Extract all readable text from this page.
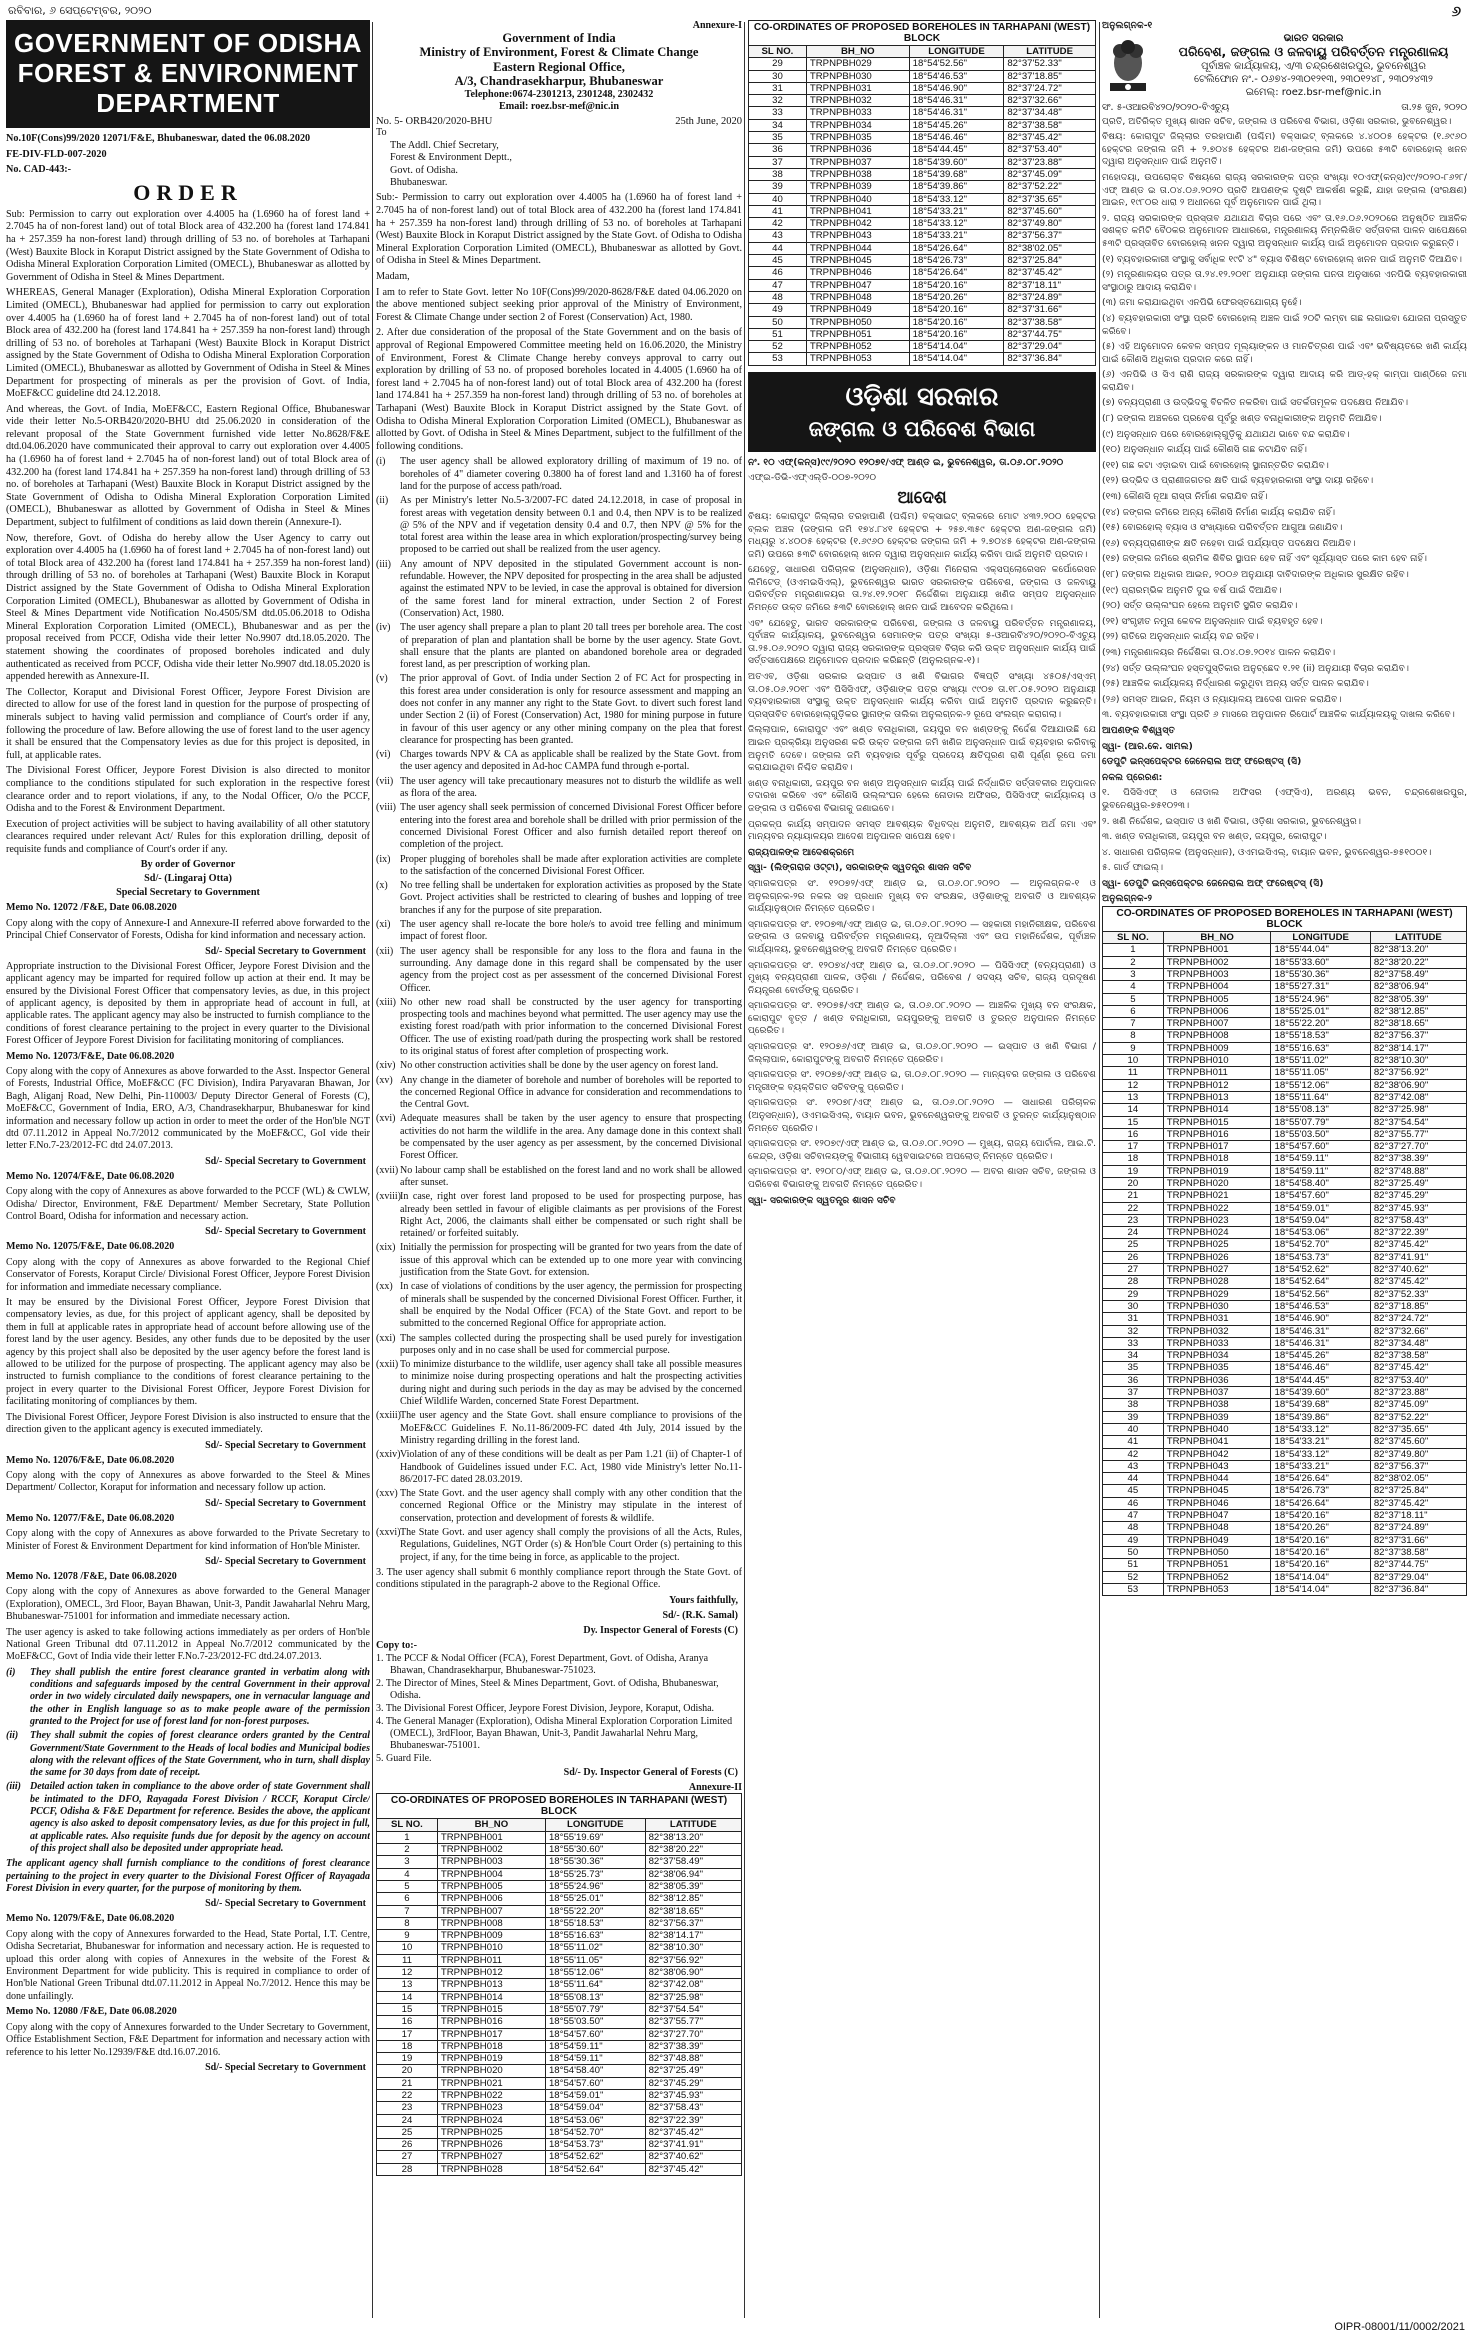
ରବିବାର, ୬ ସେପ୍ଟେମ୍ବର, ୨୦୨୦	୬
GOVERNMENT OF ODISHA FOREST & ENVIRONMENT DEPARTMENT
No.10F(Cons)99/2020 12071/F&E, Bhubaneswar, dated the 06.08.2020
FE-DIV-FLD-007-2020
No. CAD-443:-
ORDER
Sub: Permission to carry out exploration over 4.4005 ha (1.6960 ha of forest land + 2.7045 ha of non-forest land) out of total Block area of 432.200 ha (forest land 174.841 ha + 257.359 ha non-forest land) through drilling of 53 no. of boreholes at Tarhapani (West) Bauxite Block in Koraput District assigned by the State Government of Odisha to Odisha Mineral Exploration Corporation Limited (OMECL), Bhubaneswar as allotted by Government of Odisha in Steel & Mines Department.
WHEREAS, General Manager (Exploration), Odisha Mineral Exploration Corporation Limited (OMECL), Bhubaneswar had applied for permission to carry out exploration over 4.4005 ha (1.6960 ha of forest land + 2.7045 ha of non-forest land) out of total Block area of 432.200 ha (forest land 174.841 ha + 257.359 ha non-forest land) through drilling of 53 no. of boreholes at Tarhapani (West) Bauxite Block in Koraput District assigned by the State Government of Odisha to Odisha Mineral Exploration Corporation Limited (OMECL), Bhubaneswar as allotted by Government of Odisha in Steel & Mines Department for prospecting of minerals as per the provision of Govt. of India, MoEF&CC guideline dtd 24.12.2018.
And whereas, the Govt. of India, MoEF&CC, Eastern Regional Office, Bhubaneswar vide their letter No.5-ORB420/2020-BHU dtd 25.06.2020 in consideration of the relevant proposal of the State Government furnished vide letter No.8628/F&E dtd.04.06.2020 have communicated their approval to carry out exploration over 4.4005 ha (1.6960 ha of forest land + 2.7045 ha of non-forest land) out of total Block area of 432.200 ha (forest land 174.841 ha + 257.359 ha non-forest land) through drilling of 53 no. of boreholes at Tarhapani (West) Bauxite Block in Koraput District assigned by the State Government of Odisha to Odisha Mineral Exploration Corporation Limited (OMECL), Bhubaneswar as allotted by Government of Odisha in Steel & Mines Department, subject to fulfilment of conditions as laid down therein (Annexure-I).
Now, therefore, Govt. of Odisha do hereby allow the User Agency to carry out exploration over 4.4005 ha (1.6960 ha of forest land + 2.7045 ha of non-forest land) out of total Block area of 432.200 ha (forest land 174.841 ha + 257.359 ha non-forest land) through drilling of 53 no. of boreholes at Tarhapani (West) Bauxite Block in Koraput District assigned by the State Government of Odisha to Odisha Mineral Exploration Corporation Limited (OMECL), Bhubaneswar as allotted by Government of Odisha in Steel & Mines Department vide Notification No.4505/SM dtd.05.06.2018 to Odisha Mineral Exploration Corporation Limited (OMECL), Bhubaneswar and as per the proposal received from PCCF, Odisha vide their letter No.9907 dtd.18.05.2020. The statement showing the coordinates of proposed boreholes indicated and duly authenticated as received from PCCF, Odisha vide their letter No.9907 dtd.18.05.2020 is appended herewith as Annexure-II.
The Collector, Koraput and Divisional Forest Officer, Jeypore Forest Division are directed to allow for use of the forest land in question for the purpose of prospecting of minerals subject to having valid permission and compliance of Court's order if any, following the procedure of law. Before allowing the use of forest land to the user agency it shall be ensured that the Compensatory levies as due for this project is deposited, in full, at applicable rates.
The Divisional Forest Officer, Jeypore Forest Division is also directed to monitor compliance to the conditions stipulated for such exploration in the respective forest clearance order and to report violations, if any, to the Nodal Officer, O/o the PCCF, Odisha and to the Forest & Environment Department.
Execution of project activities will be subject to having availability of all other statutory clearances required under relevant Act/ Rules for this exploration drilling, deposit of requisite funds and compliance of Court's order if any.
By order of Governor
Sd/- (Lingaraj Otta)
Special Secretary to Government
Memo No. 12072 /F&E, Date 06.08.2020
Copy along with the copy of Annexure-I and Annexure-II referred above forwarded to the Principal Chief Conservator of Forests, Odisha for kind information and necessary action.
Sd/- Special Secretary to Government
Appropriate instruction to the Divisional Forest Officer, Jeypore Forest Division and the applicant agency may be imparted for required follow up action at their end. It may be ensured by the Divisional Forest Officer that compensatory levies, as due, in this project of applicant agency, is deposited by them in appropriate head of account in full, at applicable rates. The applicant agency may also be instructed to furnish compliance to the conditions of forest clearance pertaining to the project in every quarter to the Divisional Forest Officer of Jeypore Forest Division for facilitating monitoring of compliances.
Memo No. 12073/F&E, Date 06.08.2020
Copy along with the copy of Annexures as above forwarded to the Asst. Inspector General of Forests, Industrial Office, MoEF&CC (FC Division), Indira Paryavaran Bhawan, Jor Bagh, Aliganj Road, New Delhi, Pin-110003/ Deputy Director General of Forests (C), MoEF&CC, Government of India, ERO, A/3, Chandrasekharpur, Bhubaneswar for kind information and necessary follow up action in order to meet the order of the Hon'ble NGT dtd 07.11.2012 in Appeal No.7/2012 communicated by the MoEF&CC, GoI vide their letter F.No.7-23/2012-FC dtd 24.07.2013.
Sd/- Special Secretary to Government
Memo No. 12074/F&E, Date 06.08.2020
Copy along with the copy of Annexures as above forwarded to the PCCF (WL) & CWLW, Odisha/ Director, Environment, F&E Department/ Member Secretary, State Pollution Control Board, Odisha for information and necessary action.
Sd/- Special Secretary to Government
Memo No. 12075/F&E, Date 06.08.2020
Copy along with the copy of Annexures as above forwarded to the Regional Chief Conservator of Forests, Koraput Circle/ Divisional Forest Officer, Jeypore Forest Division for information and immediate necessary compliance.
It may be ensured by the Divisional Forest Officer, Jeypore Forest Division that compensatory levies, as due, for this project of applicant agency, shall be deposited by them in full at applicable rates in appropriate head of account before allowing use of the forest land by the user agency. Besides, any other funds due to be deposited by the user agency by this project shall also be deposited by the user agency before the forest land is allowed to be utilized for the purpose of prospecting. The applicant agency may also be instructed to furnish compliance to the conditions of forest clearance pertaining to the project in every quarter to the Divisional Forest Officer, Jeypore Forest Division for facilitating monitoring of compliances by them.
The Divisional Forest Officer, Jeypore Forest Division is also instructed to ensure that the direction given to the applicant agency is executed immediately.
Sd/- Special Secretary to Government
Memo No. 12076/F&E, Date 06.08.2020
Copy along with the copy of Annexures as above forwarded to the Steel & Mines Department/ Collector, Koraput for information and necessary follow up action.
Sd/- Special Secretary to Government
Memo No. 12077/F&E, Date 06.08.2020
Copy along with the copy of Annexures as above forwarded to the Private Secretary to Minister of Forest & Environment Department for kind information of Hon'ble Minister.
Sd/- Special Secretary to Government
Memo No. 12078 /F&E, Date 06.08.2020
Copy along with the copy of Annexures as above forwarded to the General Manager (Exploration), OMECL, 3rd Floor, Bayan Bhawan, Unit-3, Pandit Jawaharlal Nehru Marg, Bhubaneswar-751001 for information and immediate necessary action.
The user agency is asked to take following actions immediately as per orders of Hon'ble National Green Tribunal dtd 07.11.2012 in Appeal No.7/2012 communicated by the MoEF&CC, Govt of India vide their letter F.No.7-23/2012-FC dtd.24.07.2013.
(i)	They shall publish the entire forest clearance granted in verbatim along with conditions and safeguards imposed by the central Government in their approval order in two widely circulated daily newspapers, one in vernacular language and the other in English language so as to make people aware of the permission granted to the Project for use of forest land for non-forest purposes.
(ii)	They shall submit the copies of forest clearance orders granted by the Central Government/State Government to the Heads of local bodies and Municipal bodies along with the relevant offices of the State Government, who in turn, shall display the same for 30 days from date of receipt.
(iii) Detailed action taken in compliance to the above order of state Government shall be intimated to the DFO, Rayagada Forest Division / RCCF, Koraput Circle/ PCCF, Odisha & F&E Department for reference. Besides the above, the applicant agency is also asked to deposit compensatory levies, as due for this project in full, at applicable rates. Also requisite funds due for deposit by the agency on account of this project shall also be deposited under appropriate head.
The applicant agency shall furnish compliance to the conditions of forest clearance pertaining to the project in every quarter to the Divisional Forest Officer of Rayagada Forest Division in every quarter, for the purpose of monitoring by them.
Sd/- Special Secretary to Government
Memo No. 12079/F&E, Date 06.08.2020
Copy along with the copy of Annexures forwarded to the Head, State Portal, I.T. Centre, Odisha Secretariat, Bhubaneswar for information and necessary action. He is requested to upload this order along with copies of Annexures in the website of the Forest & Environment Department for wide publicity. This is required in compliance to order of Hon'ble National Green Tribunal dtd.07.11.2012 in Appeal No.7/2012. Hence this may be done unfailingly.
Memo No. 12080 /F&E, Date 06.08.2020
Copy along with the copy of Annexures forwarded to the Under Secretary to Government, Office Establishment Section, F&E Department for information and necessary action with reference to his letter No.12939/F&E dtd.16.07.2016.
Sd/- Special Secretary to Government
Annexure-I
Government of India
Ministry of Environment, Forest & Climate Change
Eastern Regional Office,
A/3, Chandrasekharpur, Bhubaneswar
Telephone:0674-2301213, 2301248, 2302432
Email: roez.bsr-mef@nic.in
No. 5- ORB420/2020-BHU	25th June, 2020
To
The Addl. Chief Secretary,
Forest & Environment Deptt.,
Govt. of Odisha.
Bhubaneswar.
Sub:- Permission to carry out exploration over 4.4005 ha (1.6960 ha of forest land + 2.7045 ha of non-forest land) out of total Block area of 432.200 ha (forest land 174.841 ha + 257.359 ha non-forest land) through drilling of 53 no. of boreholes at Tarhapani (West) Bauxite Block in Koraput District assigned by the State Govt. of Odisha to Odisha Mineral Exploration Corporation Limited (OMECL), Bhubaneswar as allotted by Govt. of Odisha in Steel & Mines Department.
Madam,
I am to refer to State Govt. letter No 10F(Cons)99/2020-8628/F&E dated 04.06.2020 on the above mentioned subject seeking prior approval of the Ministry of Environment, Forest & Climate Change under section 2 of Forest (Conservation) Act, 1980.
2. After due consideration of the proposal of the State Government and on the basis of approval of Regional Empowered Committee meeting held on 16.06.2020, the Ministry of Environment, Forest & Climate Change hereby conveys approval to carry out exploration by drilling of 53 no. of proposed boreholes located in 4.4005 (1.6960 ha of forest land + 2.7045 ha of non-forest land) out of total Block area of 432.200 ha (forest land 174.841 ha + 257.359 ha non-forest land) through drilling of 53 no. of boreholes at Tarhapani (West) Bauxite Block in Koraput District assigned by the State Govt. of Odisha to Odisha Mineral Exploration Corporation Limited (OMECL), Bhubaneswar as allotted by Govt. of Odisha in Steel & Mines Department, subject to the fulfillment of the following conditions.
(i)	The user agency shall be allowed exploratory drilling of maximum of 19 no. of boreholes of 4" diameter covering 0.3800 ha of forest land and 1.3160 ha of forest land for the purpose of access path/road.
(ii)	As per Ministry's letter No.5-3/2007-FC dated 24.12.2018, in case of proposal in forest areas with vegetation density between 0.1 and 0.4, then NPV is to be realized @ 5% of the NPV and if vegetation density 0.4 and 0.7, then NPV @ 5% for the total forest area within the lease area in which exploration/prospecting/survey being proposed to be carried out shall be realized from the user agency.
(iii) Any amount of NPV deposited in the stipulated Government account is non-refundable. However, the NPV deposited for prospecting in the area shall be adjusted against the estimated NPV to be levied, in case the approval is obtained for diversion of the same forest land for mineral extraction, under Section 2 of Forest (Conservation) Act, 1980.
(iv) The user agency shall prepare a plan to plant 20 tall trees per borehole area. The cost of preparation of plan and plantation shall be borne by the user agency. State Govt. shall ensure that the plants are planted on abandoned borehole area or degraded forest land, as per prescription of working plan.
(v)	The prior approval of Govt. of India under Section 2 of FC Act for prospecting in this forest area under consideration is only for resource assessment and mapping an does not confer in any manner any right to the State Govt. to divert such forest land under Section 2 (ii) of Forest (Conservation) Act, 1980 for mining purpose in future in favour of this user agency or any other mining company on the plea that forest clearance for prospecting has been granted.
(vi) Charges towards NPV & CA as applicable shall be realized by the State Govt. from the user agency and deposited in Ad-hoc CAMPA fund through e-portal.
(vii) The user agency will take precautionary measures not to disturb the wildlife as well as flora of the area.
(viii) The user agency shall seek permission of concerned Divisional Forest Officer before entering into the forest area and borehole shall be drilled with prior permission of the concerned Divisional Forest Officer and also furnish detailed report thereof on completion of the project.
(ix) Proper plugging of boreholes shall be made after exploration activities are complete to the satisfaction of the concerned Divisional Forest Officer.
(x)	No tree felling shall be undertaken for exploration activities as proposed by the State Govt. Project activities shall be restricted to clearing of bushes and lopping of tree branches if any for the purpose of site preparation.
(xi) The user agency shall re-locate the bore hole/s to avoid tree felling and minimum impact of forest floor.
(xii) The user agency shall be responsible for any loss to the flora and fauna in the surrounding. Any damage done in this regard shall be compensated by the user agency from the project cost as per assessment of the concerned Divisional Forest Officer.
(xiii) No other new road shall be constructed by the user agency for transporting prospecting tools and machines beyond what permitted. The user agency may use the existing forest road/path with prior information to the concerned Divisional Forest Officer. The use of existing road/path during the prospecting work shall be restored to its original status of forest after completion of prospecting work.
(xiv) No other construction activities shall be done by the user agency on forest land.
(xv) Any change in the diameter of borehole and number of boreholes will be reported to the concerned Regional Office in advance for consideration and recommendations to the Central Govt.
(xvi) Adequate measures shall be taken by the user agency to ensure that prospecting activities do not harm the wildlife in the area. Any damage done in this context shall be compensated by the user agency as per assessment, by the concerned Divisional Forest Officer.
(xvii) No labour camp shall be established on the forest land and no work shall be allowed after sunset.
(xviii) In case, right over forest land proposed to be used for prospecting purpose, has already been settled in favour of eligible claimants as per provisions of the Forest Right Act, 2006, the claimants shall either be compensated or such right shall be retained/ or forfeited suitably.
(xix) Initially the permission for prospecting will be granted for two years from the date of issue of this approval which can be extended up to one more year with convincing justification from the State Govt. for extension.
(xx) In case of violations of conditions by the user agency, the permission for prospecting of minerals shall be suspended by the concerned Divisional Forest Officer. Further, it shall be enquired by the Nodal Officer (FCA) of the State Govt. and report to be submitted to the concerned Regional Office for appropriate action.
(xxi) The samples collected during the prospecting shall be used purely for investigation purposes only and in no case shall be used for commercial purpose.
(xxii) To minimize disturbance to the wildlife, user agency shall take all possible measures to minimize noise during prospecting operations and halt the prospecting activities during night and during such periods in the day as may be advised by the concerned Chief Wildlife Warden, concerned State Forest Department.
(xxiii) The user agency and the State Govt. shall ensure compliance to provisions of the MoEF&CC Guidelines F. No.11-86/2009-FC dated 4th July, 2014 issued by the Ministry regarding drilling in the forest land.
(xxiv) Violation of any of these conditions will be dealt as per Pam 1.21 (ii) of Chapter-1 of Handbook of Guidelines issued under F.C. Act, 1980 vide Ministry's letter No.11-86/2017-FC dated 28.03.2019.
(xxv) The State Govt. and the user agency shall comply with any other condition that the concerned Regional Office or the Ministry may stipulate in the interest of conservation, protection and development of forests & wildlife.
(xxvi) The State Govt. and user agency shall comply the provisions of all the Acts, Rules, Regulations, Guidelines, NGT Order (s) & Hon'ble Court Order (s) pertaining to this project, if any, for the time being in force, as applicable to the project.
3. The user agency shall submit 6 monthly compliance report through the State Govt. of conditions stipulated in the paragraph-2 above to the Regional Office.
Yours faithfully,
Sd/- (R.K. Samal)
Dy. Inspector General of Forests (C)
Copy to:-
1. The PCCF & Nodal Officer (FCA), Forest Department, Govt. of Odisha, Aranya Bhawan, Chandrasekharpur, Bhubaneswar-751023.
2. The Director of Mines, Steel & Mines Department, Govt. of Odisha, Bhubaneswar, Odisha.
3. The Divisional Forest Officer, Jeypore Forest Division, Jeypore, Koraput, Odisha.
4. The General Manager (Exploration), Odisha Mineral Exploration Corporation Limited (OMECL), 3rdFloor, Bayan Bhawan, Unit-3, Pandit Jawaharlal Nehru Marg, Bhubaneswar-751001.
5. Guard File.
Sd/- Dy. Inspector General of Forests (C)
Annexure-II
CO-ORDINATES OF PROPOSED BOREHOLES IN TARHAPANI (WEST) BLOCK
SL NO.	BH_NO	LONGITUDE	LATITUDE
1	TRPNPBH001	18°55'19.69"	82°38'13.20"
2	TRPNPBH002	18°55'30.60"	82°38'20.22"
3	TRPNPBH003	18°55'30.36"	82°37'58.49"
4	TRPNPBH004	18°55'25.73"	82°38'06.94"
5	TRPNPBH005	18°55'24.96"	82°38'05.39"
6	TRPNPBH006	18°55'25.01"	82°38'12.85"
7	TRPNPBH007	18°55'22.20"	82°38'18.65"
8	TRPNPBH008	18°55'18.53"	82°37'56.37"
9	TRPNPBH009	18°55'16.63"	82°38'14.17"
10	TRPNPBH010	18°55'11.02"	82°38'10.30"
11	TRPNPBH011	18°55'11.05"	82°37'56.92"
12	TRPNPBH012	18°55'12.06"	82°38'06.90"
13	TRPNPBH013	18°55'11.64"	82°37'42.08"
14	TRPNPBH014	18°55'08.13"	82°37'25.98"
15	TRPNPBH015	18°55'07.79"	82°37'54.54"
16	TRPNPBH016	18°55'03.50"	82°37'55.77"
17	TRPNPBH017	18°54'57.60"	82°37'27.70"
18	TRPNPBH018	18°54'59.11"	82°37'38.39"
19	TRPNPBH019	18°54'59.11"	82°37'48.88"
20	TRPNPBH020	18°54'58.40"	82°37'25.49"
21	TRPNPBH021	18°54'57.60"	82°37'45.29"
22	TRPNPBH022	18°54'59.01"	82°37'45.93"
23	TRPNPBH023	18°54'59.04"	82°37'58.43"
24	TRPNPBH024	18°54'53.06"	82°37'22.39"
25	TRPNPBH025	18°54'52.70"	82°37'45.42"
26	TRPNPBH026	18°54'53.73"	82°37'41.91"
27	TRPNPBH027	18°54'52.62"	82°37'40.62"
28	TRPNPBH028	18°54'52.64"	82°37'45.42"
CO-ORDINATES OF PROPOSED BOREHOLES IN TARHAPANI (WEST) BLOCK
SL NO.	BH_NO	LONGITUDE	LATITUDE
29	TRPNPBH029	18°54'52.56"	82°37'52.33"
30	TRPNPBH030	18°54'46.53"	82°37'18.85"
31	TRPNPBH031	18°54'46.90"	82°37'24.72"
32	TRPNPBH032	18°54'46.31"	82°37'32.66"
33	TRPNPBH033	18°54'46.31"	82°37'34.48"
34	TRPNPBH034	18°54'45.26"	82°37'38.58"
35	TRPNPBH035	18°54'46.46"	82°37'45.42"
36	TRPNPBH036	18°54'44.45"	82°37'53.40"
37	TRPNPBH037	18°54'39.60"	82°37'23.88"
38	TRPNPBH038	18°54'39.68"	82°37'45.09"
39	TRPNPBH039	18°54'39.86"	82°37'52.22"
40	TRPNPBH040	18°54'33.12"	82°37'35.65"
41	TRPNPBH041	18°54'33.21"	82°37'45.60"
42	TRPNPBH042	18°54'33.12"	82°37'49.80"
43	TRPNPBH043	18°54'33.21"	82°37'56.37"
44	TRPNPBH044	18°54'26.64"	82°38'02.05"
45	TRPNPBH045	18°54'26.73"	82°37'25.84"
46	TRPNPBH046	18°54'26.64"	82°37'45.42"
47	TRPNPBH047	18°54'20.16"	82°37'18.11"
48	TRPNPBH048	18°54'20.26"	82°37'24.89"
49	TRPNPBH049	18°54'20.16"	82°37'31.66"
50	TRPNPBH050	18°54'20.16"	82°37'38.58"
51	TRPNPBH051	18°54'20.16"	82°37'44.75"
52	TRPNPBH052	18°54'14.04"	82°37'29.04"
53	TRPNPBH053	18°54'14.04"	82°37'36.84"
ଓଡ଼ିଶା ସରକାର
ଜଙ୍ଗଲ ଓ ପରିବେଶ ବିଭାଗ
ନଂ. ୧୦ ଏଫ୍(କନ୍ସ)୯୯/୨୦୨୦ ୧୨୦୭୧/ଏଫ୍ ଆଣ୍ଡ ଇ, ଭୁବନେଶ୍ୱର, ତା.୦୬.୦୮.୨୦୨୦
ଏଫ୍ଇ-ଡିଭି-ଏଫ୍ଏଲ୍ଡି-୦୦୭-୨୦୨୦
ଆଦେଶ
ବିଷୟ: କୋରାପୁଟ ଜିଲ୍ଲାର ତରହାପାଣି (ପଶ୍ଚିମ) ବକ୍ସାଇଟ୍ ବ୍ଲକରେ ମୋଟ ୪୩୨.୨୦୦ ହେକ୍ଟର ବ୍ଲକ ଅଞ୍ଚଳ (ଜଙ୍ଗଲ ଜମି ୧୭୪.୮୪୧ ହେକ୍ଟର + ୨୫୭.୩୫୯ ହେକ୍ଟର ଅଣ-ଜଙ୍ଗଲ ଜମି) ମଧ୍ୟରୁ ୪.୪୦୦୫ ହେକ୍ଟର (୧.୬୯୬୦ ହେକ୍ଟର ଜଙ୍ଗଲ ଜମି + ୨.୭୦୪୫ ହେକ୍ଟର ଅଣ-ଜଙ୍ଗଲ ଜମି) ଉପରେ ୫୩ଟି ବୋରହୋଲ୍ ଖନନ ଦ୍ୱାରା ଅନୁସନ୍ଧାନ କାର୍ଯ୍ୟ କରିବା ପାଇଁ ଅନୁମତି ପ୍ରଦାନ।
ଯେହେତୁ, ସାଧାରଣ ପରିଚାଳକ (ଅନୁସନ୍ଧାନ), ଓଡ଼ିଶା ମିନେରାଲ ଏକ୍ସପ୍ଲୋରେସନ କର୍ପୋରେସନ ଲିମିଟେଡ୍ (ଓଏମଇସିଏଲ୍), ଭୁବନେଶ୍ୱର ଭାରତ ସରକାରଙ୍କ ପରିବେଶ, ଜଙ୍ଗଲ ଓ ଜଳବାୟୁ ପରିବର୍ତ୍ତନ ମନ୍ତ୍ରଣାଳୟର ତା.୨୪.୧୨.୨୦୧୮ ନିର୍ଦ୍ଦେଶିକା ଅନୁଯାୟୀ ଖଣିଜ ସମ୍ପଦ ଅନୁସନ୍ଧାନ ନିମନ୍ତେ ଉକ୍ତ ଜମିରେ ୫୩ଟି ବୋରହୋଲ୍ ଖନନ ପାଇଁ ଆବେଦନ କରିଥିଲେ।
ଏବଂ ଯେହେତୁ, ଭାରତ ସରକାରଙ୍କ ପରିବେଶ, ଜଙ୍ଗଲ ଓ ଜଳବାୟୁ ପରିବର୍ତ୍ତନ ମନ୍ତ୍ରଣାଳୟ, ପୂର୍ବାଞ୍ଚଳ କାର୍ଯ୍ୟାଳୟ, ଭୁବନେଶ୍ୱର ସେମାନଙ୍କ ପତ୍ର ସଂଖ୍ୟା ୫-ଓଆରବି୪୨୦/୨୦୨୦-ବିଏଚ୍ୟୁ ତା.୨୫.୦୬.୨୦୨୦ ଦ୍ୱାରା ରାଜ୍ୟ ସରକାରଙ୍କ ପ୍ରସ୍ତାବ ବିଚାର କରି ଉକ୍ତ ଅନୁସନ୍ଧାନ କାର୍ଯ୍ୟ ପାଇଁ ସର୍ତ୍ତସାପେକ୍ଷରେ ଅନୁମୋଦନ ପ୍ରଦାନ କରିଛନ୍ତି (ଅନୁଲଗ୍ନକ-୧)।
ଅତଏବ, ଓଡ଼ିଶା ସରକାର ଇସ୍ପାତ ଓ ଖଣି ବିଭାଗର ବିଜ୍ଞପ୍ତି ସଂଖ୍ୟା ୪୫୦୫/ଏସ୍ଏମ୍ ତା.୦୫.୦୬.୨୦୧୮ ଏବଂ ପିସିସିଏଫ୍, ଓଡ଼ିଶାଙ୍କ ପତ୍ର ସଂଖ୍ୟା ୯୯୦୭ ତା.୧୮.୦୫.୨୦୨୦ ଅନୁଯାୟୀ ବ୍ୟବହାରକାରୀ ସଂସ୍ଥାକୁ ଉକ୍ତ ଅନୁସନ୍ଧାନ କାର୍ଯ୍ୟ କରିବା ପାଇଁ ଅନୁମତି ପ୍ରଦାନ କରୁଛନ୍ତି। ପ୍ରସ୍ତାବିତ ବୋରହୋଲ୍‌ଗୁଡ଼ିକର ସ୍ଥାନାଙ୍କ ତାଲିକା ଅନୁଲଗ୍ନକ-୨ ରୂପେ ସଂଲଗ୍ନ କରାଗଲା।
ଜିଲ୍ଲାପାଳ, କୋରାପୁଟ ଏବଂ ଖଣ୍ଡ ବନାଧିକାରୀ, ଜୟପୁର ବନ ଖଣ୍ଡଙ୍କୁ ନିର୍ଦ୍ଦେଶ ଦିଆଯାଉଛି ଯେ ଆଇନ ପ୍ରକ୍ରିୟା ଅନୁସରଣ କରି ଉକ୍ତ ଜଙ୍ଗଲ ଜମି ଖଣିଜ ଅନୁସନ୍ଧାନ ପାଇଁ ବ୍ୟବହାର କରିବାକୁ ଅନୁମତି ଦେବେ। ଜଙ୍ଗଲ ଜମି ବ୍ୟବହାର ପୂର୍ବରୁ ପ୍ରଦେୟ କ୍ଷତିପୂରଣ ରାଶି ପୂର୍ଣ୍ଣ ରୂପେ ଜମା କରାଯାଇଥିବା ନିଶ୍ଚିତ କରାଯିବ।
ଖଣ୍ଡ ବନାଧିକାରୀ, ଜୟପୁର ବନ ଖଣ୍ଡ ଅନୁସନ୍ଧାନ କାର୍ଯ୍ୟ ପାଇଁ ନିର୍ଦ୍ଧାରିତ ସର୍ତ୍ତାବଳୀର ଅନୁପାଳନ ତଦାରଖ କରିବେ ଏବଂ କୌଣସି ଉଲ୍ଲଂଘନ ହେଲେ ନୋଡାଲ ଅଫିସର, ପିସିସିଏଫ୍ କାର୍ଯ୍ୟାଳୟ ଓ ଜଙ୍ଗଲ ଓ ପରିବେଶ ବିଭାଗକୁ ଜଣାଇବେ।
ପ୍ରକଳ୍ପ କାର୍ଯ୍ୟ ସମ୍ପାଦନ ସମସ୍ତ ଆବଶ୍ୟକ ବିଧିବଦ୍ଧ ଅନୁମତି, ଆବଶ୍ୟକ ଅର୍ଥ ଜମା ଏବଂ ମାନ୍ୟବର ନ୍ୟାୟାଳୟର ଆଦେଶ ଅନୁପାଳନ ସାପେକ୍ଷ ହେବ।
ରାଜ୍ୟପାଳଙ୍କ ଆଦେଶକ୍ରମେ
ସ୍ୱା- (ଲିଙ୍ଗରାଜ ଓଟ୍ଟା), ସରକାରଙ୍କ ସ୍ୱତନ୍ତ୍ର ଶାସନ ସଚିବ
ସ୍ମାରକପତ୍ର ସଂ. ୧୨୦୭୨/ଏଫ୍ ଆଣ୍ଡ ଇ, ତା.୦୬.୦୮.୨୦୨୦ — ଅନୁଲଗ୍ନକ-୧ ଓ ଅନୁଲଗ୍ନକ-୨ର ନକଲ ସହ ପ୍ରଧାନ ମୁଖ୍ୟ ବନ ସଂରକ୍ଷକ, ଓଡ଼ିଶାଙ୍କୁ ଅବଗତି ଓ ଆବଶ୍ୟକ କାର୍ଯ୍ୟାନୁଷ୍ଠାନ ନିମନ୍ତେ ପ୍ରେରିତ।
ସ୍ମାରକପତ୍ର ସଂ. ୧୨୦୭୩/ଏଫ୍ ଆଣ୍ଡ ଇ, ତା.୦୬.୦୮.୨୦୨୦ — ସହକାରୀ ମହାନିରୀକ୍ଷକ, ପରିବେଶ ଜଙ୍ଗଲ ଓ ଜଳବାୟୁ ପରିବର୍ତ୍ତନ ମନ୍ତ୍ରଣାଳୟ, ନୂଆଦିଲ୍ଲୀ ଏବଂ ଉପ ମହାନିର୍ଦ୍ଦେଶକ, ପୂର୍ବାଞ୍ଚଳ କାର୍ଯ୍ୟାଳୟ, ଭୁବନେଶ୍ୱରଙ୍କୁ ଅବଗତି ନିମନ୍ତେ ପ୍ରେରିତ।
ସ୍ମାରକପତ୍ର ସଂ. ୧୨୦୭୪/ଏଫ୍ ଆଣ୍ଡ ଇ, ତା.୦୬.୦୮.୨୦୨୦ — ପିସିସିଏଫ୍ (ବନ୍ୟପ୍ରାଣୀ) ଓ ମୁଖ୍ୟ ବନ୍ୟପ୍ରାଣୀ ପାଳକ, ଓଡ଼ିଶା / ନିର୍ଦ୍ଦେଶକ, ପରିବେଶ / ସଦସ୍ୟ ସଚିବ, ରାଜ୍ୟ ପ୍ରଦୂଷଣ ନିୟନ୍ତ୍ରଣ ବୋର୍ଡଙ୍କୁ ପ୍ରେରିତ।
ସ୍ମାରକପତ୍ର ସଂ. ୧୨୦୭୫/ଏଫ୍ ଆଣ୍ଡ ଇ, ତା.୦୬.୦୮.୨୦୨୦ — ଆଞ୍ଚଳିକ ମୁଖ୍ୟ ବନ ସଂରକ୍ଷକ, କୋରାପୁଟ ବୃତ୍ତ / ଖଣ୍ଡ ବନାଧିକାରୀ, ଜୟପୁରଙ୍କୁ ଅବଗତି ଓ ତୁରନ୍ତ ଅନୁପାଳନ ନିମନ୍ତେ ପ୍ରେରିତ।
ସ୍ମାରକପତ୍ର ସଂ. ୧୨୦୭୬/ଏଫ୍ ଆଣ୍ଡ ଇ, ତା.୦୬.୦୮.୨୦୨୦ — ଇସ୍ପାତ ଓ ଖଣି ବିଭାଗ / ଜିଲ୍ଲାପାଳ, କୋରାପୁଟଙ୍କୁ ଅବଗତି ନିମନ୍ତେ ପ୍ରେରିତ।
ସ୍ମାରକପତ୍ର ସଂ. ୧୨୦୭୭/ଏଫ୍ ଆଣ୍ଡ ଇ, ତା.୦୬.୦୮.୨୦୨୦ — ମାନ୍ୟବର ଜଙ୍ଗଲ ଓ ପରିବେଶ ମନ୍ତ୍ରୀଙ୍କ ବ୍ୟକ୍ତିଗତ ସଚିବଙ୍କୁ ପ୍ରେରିତ।
ସ୍ମାରକପତ୍ର ସଂ. ୧୨୦୭୮/ଏଫ୍ ଆଣ୍ଡ ଇ, ତା.୦୬.୦୮.୨୦୨୦ — ସାଧାରଣ ପରିଚାଳକ (ଅନୁସନ୍ଧାନ), ଓଏମଇସିଏଲ୍, ବାୟାନ ଭବନ, ଭୁବନେଶ୍ୱରଙ୍କୁ ଅବଗତି ଓ ତୁରନ୍ତ କାର୍ଯ୍ୟାନୁଷ୍ଠାନ ନିମନ୍ତେ ପ୍ରେରିତ।
ସ୍ମାରକପତ୍ର ସଂ. ୧୨୦୭୯/ଏଫ୍ ଆଣ୍ଡ ଇ, ତା.୦୬.୦୮.୨୦୨୦ — ମୁଖ୍ୟ, ରାଜ୍ୟ ପୋର୍ଟାଲ, ଆଇ.ଟି. କେନ୍ଦ୍ର, ଓଡ଼ିଶା ସଚିବାଳୟଙ୍କୁ ବିଭାଗୀୟ ୱେବସାଇଟରେ ଅପଲୋଡ୍ ନିମନ୍ତେ ପ୍ରେରିତ।
ସ୍ମାରକପତ୍ର ସଂ. ୧୨୦୮୦/ଏଫ୍ ଆଣ୍ଡ ଇ, ତା.୦୬.୦୮.୨୦୨୦ — ଅବର ଶାସନ ସଚିବ, ଜଙ୍ଗଲ ଓ ପରିବେଶ ବିଭାଗଙ୍କୁ ଅବଗତି ନିମନ୍ତେ ପ୍ରେରିତ।
ସ୍ୱା- ସରକାରଙ୍କ ସ୍ୱତନ୍ତ୍ର ଶାସନ ସଚିବ
ଅନୁଲଗ୍ନକ-୧
ଭାରତ ସରକାର
ପରିବେଶ, ଜଙ୍ଗଲ ଓ ଜଳବାୟୁ ପରିବର୍ତ୍ତନ ମନ୍ତ୍ରଣାଳୟ
ପୂର୍ବାଞ୍ଚଳ କାର୍ଯ୍ୟାଳୟ, ଏ/୩ ଚନ୍ଦ୍ରଶେଖରପୁର, ଭୁବନେଶ୍ୱର
ଟେଲିଫୋନ ନଂ.- ୦୬୭୪-୨୩୦୧୨୧୩, ୨୩୦୧୨୪୮, ୨୩୦୨୪୩୨
ଇମେଲ୍: roez.bsr-mef@nic.in
ସଂ. ୫-ଓଆରବି୪୨୦/୨୦୨୦-ବିଏଚ୍ୟୁ	ତା.୨୫ ଜୁନ, ୨୦୨୦
ପ୍ରତି, ଅତିରିକ୍ତ ମୁଖ୍ୟ ଶାସନ ସଚିବ, ଜଙ୍ଗଲ ଓ ପରିବେଶ ବିଭାଗ, ଓଡ଼ିଶା ସରକାର, ଭୁବନେଶ୍ୱର।
ବିଷୟ: କୋରାପୁଟ ଜିଲ୍ଲାର ତରହାପାଣି (ପଶ୍ଚିମ) ବକ୍ସାଇଟ୍ ବ୍ଲକରେ ୪.୪୦୦୫ ହେକ୍ଟର (୧.୬୯୬୦ ହେକ୍ଟର ଜଙ୍ଗଲ ଜମି + ୨.୭୦୪୫ ହେକ୍ଟର ଅଣ-ଜଙ୍ଗଲ ଜମି) ଉପରେ ୫୩ଟି ବୋରହୋଲ୍ ଖନନ ଦ୍ୱାରା ଅନୁସନ୍ଧାନ ପାଇଁ ଅନୁମତି।
ମହୋଦୟା, ଉପରୋକ୍ତ ବିଷୟରେ ରାଜ୍ୟ ସରକାରଙ୍କ ପତ୍ର ସଂଖ୍ୟା ୧୦ଏଫ୍(କନ୍ସ)୯୯/୨୦୨୦-୮୬୨୮/ଏଫ୍ ଆଣ୍ଡ ଇ ତା.୦୪.୦୬.୨୦୨୦ ପ୍ରତି ଆପଣଙ୍କ ଦୃଷ୍ଟି ଆକର୍ଷଣ କରୁଛି, ଯାହା ଜଙ୍ଗଲ (ସଂରକ୍ଷଣ) ଆଇନ, ୧୯୮୦ର ଧାରା ୨ ଅଧୀନରେ ପୂର୍ବ ଅନୁମୋଦନ ପାଇଁ ଥିଲା।
୨. ରାଜ୍ୟ ସରକାରଙ୍କ ପ୍ରସ୍ତାବ ଯଥାଯଥ ବିଚାର ପରେ ଏବଂ ତା.୧୬.୦୬.୨୦୨୦ରେ ଅନୁଷ୍ଠିତ ଆଞ୍ଚଳିକ ସଶକ୍ତ କମିଟି ବୈଠକର ଅନୁମୋଦନ ଆଧାରରେ, ମନ୍ତ୍ରଣାଳୟ ନିମ୍ନଲିଖିତ ସର୍ତ୍ତାବଳୀ ପାଳନ ସାପେକ୍ଷରେ ୫୩ଟି ପ୍ରସ୍ତାବିତ ବୋରହୋଲ୍ ଖନନ ଦ୍ୱାରା ଅନୁସନ୍ଧାନ କାର୍ଯ୍ୟ ପାଇଁ ଅନୁମୋଦନ ପ୍ରଦାନ କରୁଛନ୍ତି।
(୧) ବ୍ୟବହାରକାରୀ ସଂସ୍ଥାକୁ ସର୍ବାଧିକ ୧୯ଟି ୪" ବ୍ୟାସ ବିଶିଷ୍ଟ ବୋରହୋଲ୍ ଖନନ ପାଇଁ ଅନୁମତି ଦିଆଯିବ।
(୨) ମନ୍ତ୍ରଣାଳୟର ପତ୍ର ତା.୨୪.୧୨.୨୦୧୮ ଅନୁଯାୟୀ ଜଙ୍ଗଲ ଘନତା ଅନୁସାରେ ଏନପିଭି ବ୍ୟବହାରକାରୀ ସଂସ୍ଥାଠାରୁ ଆଦାୟ କରାଯିବ।
(୩) ଜମା କରାଯାଇଥିବା ଏନପିଭି ଫେରସ୍ତଯୋଗ୍ୟ ନୁହେଁ।
(୪) ବ୍ୟବହାରକାରୀ ସଂସ୍ଥା ପ୍ରତି ବୋରହୋଲ୍ ଅଞ୍ଚଳ ପାଇଁ ୨୦ଟି ଲମ୍ବା ଗଛ ଲଗାଇବା ଯୋଜନା ପ୍ରସ୍ତୁତ କରିବେ।
(୫) ଏହି ଅନୁମୋଦନ କେବଳ ସମ୍ପଦ ମୂଲ୍ୟାଙ୍କନ ଓ ମାନଚିତ୍ରଣ ପାଇଁ ଏବଂ ଭବିଷ୍ୟତରେ ଖଣି କାର୍ଯ୍ୟ ପାଇଁ କୌଣସି ଅଧିକାର ପ୍ରଦାନ କରେ ନାହିଁ।
(୬) ଏନପିଭି ଓ ସିଏ ରାଶି ରାଜ୍ୟ ସରକାରଙ୍କ ଦ୍ୱାରା ଆଦାୟ କରି ଆଡ୍-ହକ୍ କାମ୍ପା ପାଣ୍ଠିରେ ଜମା କରାଯିବ।
(୭) ବନ୍ୟପ୍ରାଣୀ ଓ ଉଦ୍ଭିଦକୁ ବିଚଳିତ ନକରିବା ପାଇଁ ସତର୍କତାମୂଳକ ପଦକ୍ଷେପ ନିଆଯିବ।
(୮) ଜଙ୍ଗଲ ଅଞ୍ଚଳରେ ପ୍ରବେଶ ପୂର୍ବରୁ ଖଣ୍ଡ ବନାଧିକାରୀଙ୍କ ଅନୁମତି ନିଆଯିବ।
(୯) ଅନୁସନ୍ଧାନ ପରେ ବୋରହୋଲ୍‌ଗୁଡ଼ିକୁ ଯଥାଯଥ ଭାବେ ବନ୍ଦ କରାଯିବ।
(୧୦) ଅନୁସନ୍ଧାନ କାର୍ଯ୍ୟ ପାଇଁ କୌଣସି ଗଛ କଟାଯିବ ନାହିଁ।
(୧୧) ଗଛ କଟା ଏଡ଼ାଇବା ପାଇଁ ବୋରହୋଲ୍ ସ୍ଥାନାନ୍ତରିତ କରାଯିବ।
(୧୨) ଉଦ୍ଭିଦ ଓ ପ୍ରାଣୀଜଗତର କ୍ଷତି ପାଇଁ ବ୍ୟବହାରକାରୀ ସଂସ୍ଥା ଦାୟୀ ରହିବେ।
(୧୩) କୌଣସି ନୂଆ ରାସ୍ତା ନିର୍ମାଣ କରାଯିବ ନାହିଁ।
(୧୪) ଜଙ୍ଗଲ ଜମିରେ ଅନ୍ୟ କୌଣସି ନିର୍ମାଣ କାର୍ଯ୍ୟ କରାଯିବ ନାହିଁ।
(୧୫) ବୋରହୋଲ୍ ବ୍ୟାସ ଓ ସଂଖ୍ୟାରେ ପରିବର୍ତ୍ତନ ଆଗୁଆ ଜଣାଯିବ।
(୧୬) ବନ୍ୟପ୍ରାଣୀଙ୍କ କ୍ଷତି ନହେବା ପାଇଁ ପର୍ଯ୍ୟାପ୍ତ ପଦକ୍ଷେପ ନିଆଯିବ।
(୧୭) ଜଙ୍ଗଲ ଜମିରେ ଶ୍ରମିକ ଶିବିର ସ୍ଥାପନ ହେବ ନାହିଁ ଏବଂ ସୂର୍ଯ୍ୟାସ୍ତ ପରେ କାମ ହେବ ନାହିଁ।
(୧୮) ଜଙ୍ଗଲ ଅଧିକାର ଆଇନ, ୨୦୦୬ ଅନୁଯାୟୀ ଦାବିଦାରଙ୍କ ଅଧିକାର ସୁରକ୍ଷିତ ରହିବ।
(୧୯) ପ୍ରାରମ୍ଭିକ ଅନୁମତି ଦୁଇ ବର୍ଷ ପାଇଁ ଦିଆଯିବ।
(୨୦) ସର୍ତ୍ତ ଉଲ୍ଲଂଘନ ହେଲେ ଅନୁମତି ସ୍ଥଗିତ କରାଯିବ।
(୨୧) ସଂଗୃହୀତ ନମୁନା କେବଳ ଅନୁସନ୍ଧାନ ପାଇଁ ବ୍ୟବହୃତ ହେବ।
(୨୨) ରାତିରେ ଅନୁସନ୍ଧାନ କାର୍ଯ୍ୟ ବନ୍ଦ ରହିବ।
(୨୩) ମନ୍ତ୍ରଣାଳୟର ନିର୍ଦ୍ଦେଶିକା ତା.୦୪.୦୭.୨୦୧୪ ପାଳନ କରାଯିବ।
(୨୪) ସର୍ତ୍ତ ଉଲ୍ଲଂଘନ ହସ୍ତପୁସ୍ତିକାର ଅନୁଚ୍ଛେଦ ୧.୨୧ (ii) ଅନୁଯାୟୀ ବିଚାର କରାଯିବ।
(୨୫) ଆଞ୍ଚଳିକ କାର୍ଯ୍ୟାଳୟ ନିର୍ଦ୍ଧାରଣ କରୁଥିବା ଅନ୍ୟ ସର୍ତ୍ତ ପାଳନ କରାଯିବ।
(୨୬) ସମସ୍ତ ଆଇନ, ନିୟମ ଓ ନ୍ୟାୟାଳୟ ଆଦେଶ ପାଳନ କରାଯିବ।
୩. ବ୍ୟବହାରକାରୀ ସଂସ୍ଥା ପ୍ରତି ୬ ମାସରେ ଅନୁପାଳନ ରିପୋର୍ଟ ଆଞ୍ଚଳିକ କାର୍ଯ୍ୟାଳୟକୁ ଦାଖଲ କରିବେ।
ଆପଣଙ୍କ ବିଶ୍ୱସ୍ତ
ସ୍ୱା- (ଆର.କେ. ସାମଲ)
ଡେପୁଟି ଇନ୍ସପେକ୍ଟର ଜେନେରାଲ ଅଫ୍ ଫରେଷ୍ଟସ୍ (ସି)
ନକଲ ପ୍ରେରଣ:
୧. ପିସିସିଏଫ୍ ଓ ନୋଡାଲ ଅଫିସର (ଏଫ୍ସିଏ), ଅରଣ୍ୟ ଭବନ, ଚନ୍ଦ୍ରଶେଖରପୁର, ଭୁବନେଶ୍ୱର-୭୫୧୦୨୩।
୨. ଖଣି ନିର୍ଦ୍ଦେଶକ, ଇସ୍ପାତ ଓ ଖଣି ବିଭାଗ, ଓଡ଼ିଶା ସରକାର, ଭୁବନେଶ୍ୱର।
୩. ଖଣ୍ଡ ବନାଧିକାରୀ, ଜୟପୁର ବନ ଖଣ୍ଡ, ଜୟପୁର, କୋରାପୁଟ।
୪. ସାଧାରଣ ପରିଚାଳକ (ଅନୁସନ୍ଧାନ), ଓଏମଇସିଏଲ୍, ବାୟାନ ଭବନ, ଭୁବନେଶ୍ୱର-୭୫୧୦୦୧।
୫. ଗାର୍ଡ ଫାଇଲ୍।
ସ୍ୱା- ଡେପୁଟି ଇନ୍ସପେକ୍ଟର ଜେନେରାଲ ଅଫ୍ ଫରେଷ୍ଟସ୍ (ସି)
ଅନୁଲଗ୍ନକ-୨
CO-ORDINATES OF PROPOSED BOREHOLES IN TARHAPANI (WEST) BLOCK
SL NO.	BH_NO	LONGITUDE	LATITUDE
1	TRPNPBH001	18°55'44.04"	82°38'13.20"
2	TRPNPBH002	18°55'33.60"	82°38'20.22"
3	TRPNPBH003	18°55'30.36"	82°37'58.49"
4	TRPNPBH004	18°55'27.31"	82°38'06.94"
5	TRPNPBH005	18°55'24.96"	82°38'05.39"
6	TRPNPBH006	18°55'25.01"	82°38'12.85"
7	TRPNPBH007	18°55'22.20"	82°38'18.65"
8	TRPNPBH008	18°55'18.53"	82°37'56.37"
9	TRPNPBH009	18°55'16.63"	82°38'14.17"
10	TRPNPBH010	18°55'11.02"	82°38'10.30"
11	TRPNPBH011	18°55'11.05"	82°37'56.92"
12	TRPNPBH012	18°55'12.06"	82°38'06.90"
13	TRPNPBH013	18°55'11.64"	82°37'42.08"
14	TRPNPBH014	18°55'08.13"	82°37'25.98"
15	TRPNPBH015	18°55'07.79"	82°37'54.54"
16	TRPNPBH016	18°55'03.50"	82°37'55.77"
17	TRPNPBH017	18°54'57.60"	82°37'27.70"
18	TRPNPBH018	18°54'59.11"	82°37'38.39"
19	TRPNPBH019	18°54'59.11"	82°37'48.88"
20	TRPNPBH020	18°54'58.40"	82°37'25.49"
21	TRPNPBH021	18°54'57.60"	82°37'45.29"
22	TRPNPBH022	18°54'59.01"	82°37'45.93"
23	TRPNPBH023	18°54'59.04"	82°37'58.43"
24	TRPNPBH024	18°54'53.06"	82°37'22.39"
25	TRPNPBH025	18°54'52.70"	82°37'45.42"
26	TRPNPBH026	18°54'53.73"	82°37'41.91"
27	TRPNPBH027	18°54'52.62"	82°37'40.62"
28	TRPNPBH028	18°54'52.64"	82°37'45.42"
29	TRPNPBH029	18°54'52.56"	82°37'52.33"
30	TRPNPBH030	18°54'46.53"	82°37'18.85"
31	TRPNPBH031	18°54'46.90"	82°37'24.72"
32	TRPNPBH032	18°54'46.31"	82°37'32.66"
33	TRPNPBH033	18°54'46.31"	82°37'34.48"
34	TRPNPBH034	18°54'45.26"	82°37'38.58"
35	TRPNPBH035	18°54'46.46"	82°37'45.42"
36	TRPNPBH036	18°54'44.45"	82°37'53.40"
37	TRPNPBH037	18°54'39.60"	82°37'23.88"
38	TRPNPBH038	18°54'39.68"	82°37'45.09"
39	TRPNPBH039	18°54'39.86"	82°37'52.22"
40	TRPNPBH040	18°54'33.12"	82°37'35.65"
41	TRPNPBH041	18°54'33.21"	82°37'45.60"
42	TRPNPBH042	18°54'33.12"	82°37'49.80"
43	TRPNPBH043	18°54'33.21"	82°37'56.37"
44	TRPNPBH044	18°54'26.64"	82°38'02.05"
45	TRPNPBH045	18°54'26.73"	82°37'25.84"
46	TRPNPBH046	18°54'26.64"	82°37'45.42"
47	TRPNPBH047	18°54'20.16"	82°37'18.11"
48	TRPNPBH048	18°54'20.26"	82°37'24.89"
49	TRPNPBH049	18°54'20.16"	82°37'31.66"
50	TRPNPBH050	18°54'20.16"	82°37'38.58"
51	TRPNPBH051	18°54'20.16"	82°37'44.75"
52	TRPNPBH052	18°54'14.04"	82°37'29.04"
53	TRPNPBH053	18°54'14.04"	82°37'36.84"
OIPR-08001/11/0002/2021
